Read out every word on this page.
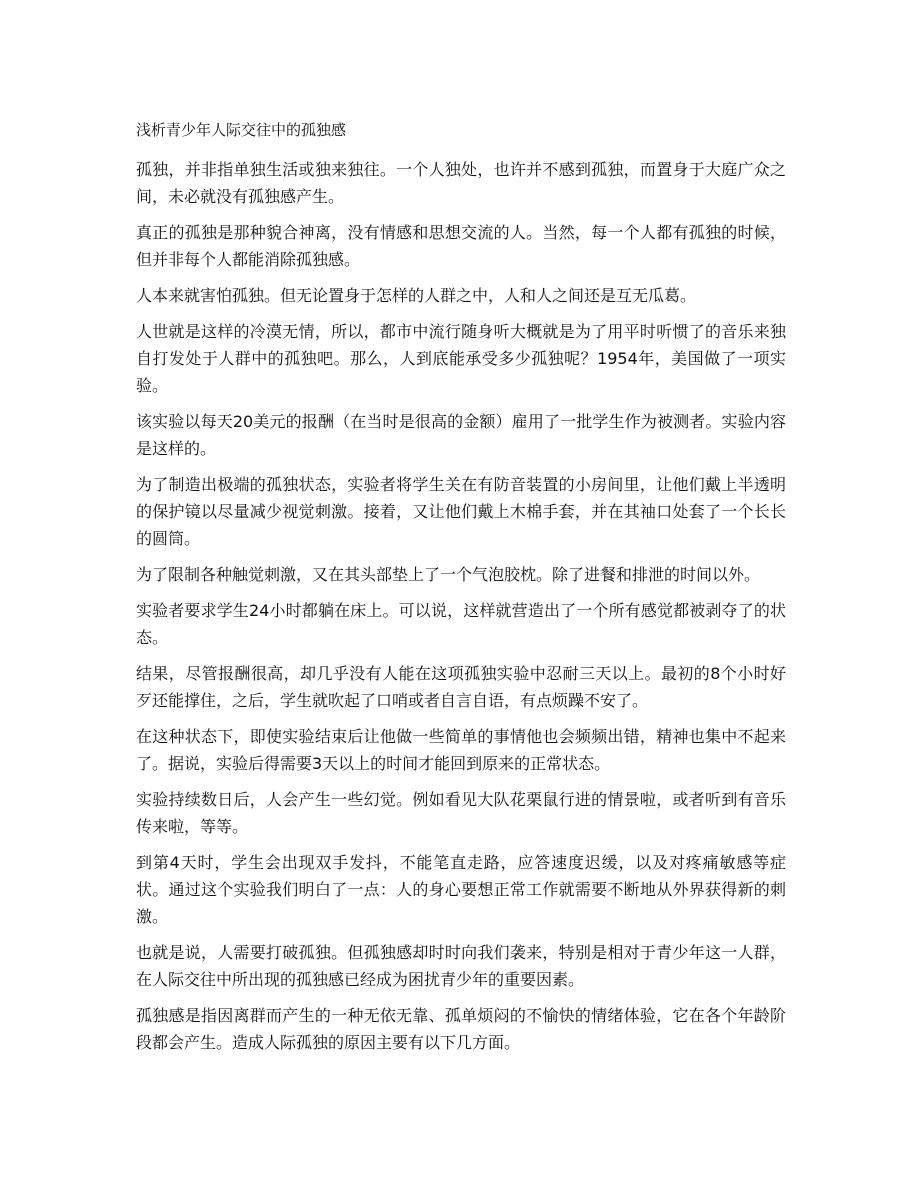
浅析青少年人际交往中的孤独感

孤独，并非指单独生活或独来独往。一个人独处，也许并不感到孤独，而置身于大庭广众之间，未必就没有孤独感产生。

真正的孤独是那种貌合神离，没有情感和思想交流的人。当然，每一个人都有孤独的时候，但并非每个人都能消除孤独感。

人本来就害怕孤独。但无论置身于怎样的人群之中，人和人之间还是互无瓜葛。

人世就是这样的冷漠无情，所以，都市中流行随身听大概就是为了用平时听惯了的音乐来独自打发处于人群中的孤独吧。那么，人到底能承受多少孤独呢？1954年，美国做了一项实验。

该实验以每天20美元的报酬（在当时是很高的金额）雇用了一批学生作为被测者。实验内容是这样的。

为了制造出极端的孤独状态，实验者将学生关在有防音装置的小房间里，让他们戴上半透明的保护镜以尽量减少视觉刺激。接着，又让他们戴上木棉手套，并在其袖口处套了一个长长的圆筒。

为了限制各种触觉刺激，又在其头部垫上了一个气泡胶枕。除了进餐和排泄的时间以外。

实验者要求学生24小时都躺在床上。可以说，这样就营造出了一个所有感觉都被剥夺了的状态。

结果，尽管报酬很高，却几乎没有人能在这项孤独实验中忍耐三天以上。最初的8个小时好歹还能撑住，之后，学生就吹起了口哨或者自言自语，有点烦躁不安了。

在这种状态下，即使实验结束后让他做一些简单的事情他也会频频出错，精神也集中不起来了。据说，实验后得需要3天以上的时间才能回到原来的正常状态。

实验持续数日后，人会产生一些幻觉。例如看见大队花栗鼠行进的情景啦，或者听到有音乐传来啦，等等。

到第4天时，学生会出现双手发抖，不能笔直走路，应答速度迟缓，以及对疼痛敏感等症状。通过这个实验我们明白了一点：人的身心要想正常工作就需要不断地从外界获得新的刺激。

也就是说，人需要打破孤独。但孤独感却时时向我们袭来，特别是相对于青少年这一人群，在人际交往中所出现的孤独感已经成为困扰青少年的重要因素。

孤独感是指因离群而产生的一种无依无靠、孤单烦闷的不愉快的情绪体验，它在各个年龄阶段都会产生。造成人际孤独的原因主要有以下几方面。
